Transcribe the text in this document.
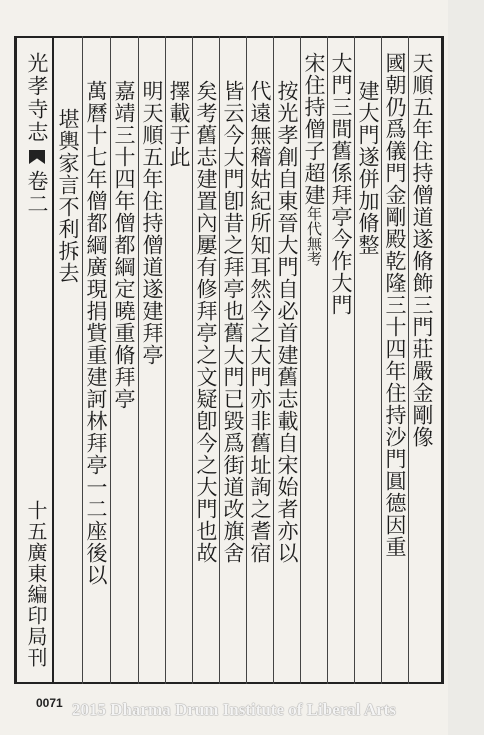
光孝寺志卷二	天順五年住持僧道遂脩飾三門莊嚴金剛像
國朝仍爲儀門金剛殿乾隆三十四年住持沙門圓德因重
建大門遂併加脩整
大門三間舊係拜亭今作大門
宋住持僧子超建年代無考
按光孝創自東晉大門自必首建舊志載自宋始者亦以
代遠無稽姑紀所知耳然今之大門亦非舊址詢之耆宿
皆云今大門卽昔之拜亭也舊大門已毀爲街道改旗舍
矣考舊志建置內屢有修拜亭之文疑卽今之大門也故
擇載于此
明天順五年住持僧道遂建拜亭
嘉靖三十四年僧都綱定曉重脩拜亭
萬曆十七年僧都綱廣現捐貲重建訶林拜亭一二座後以
堪輿家言不利拆去
十五廣東編印局刊
0071 2015 Dharma Drum Institute of Liberal Arts
